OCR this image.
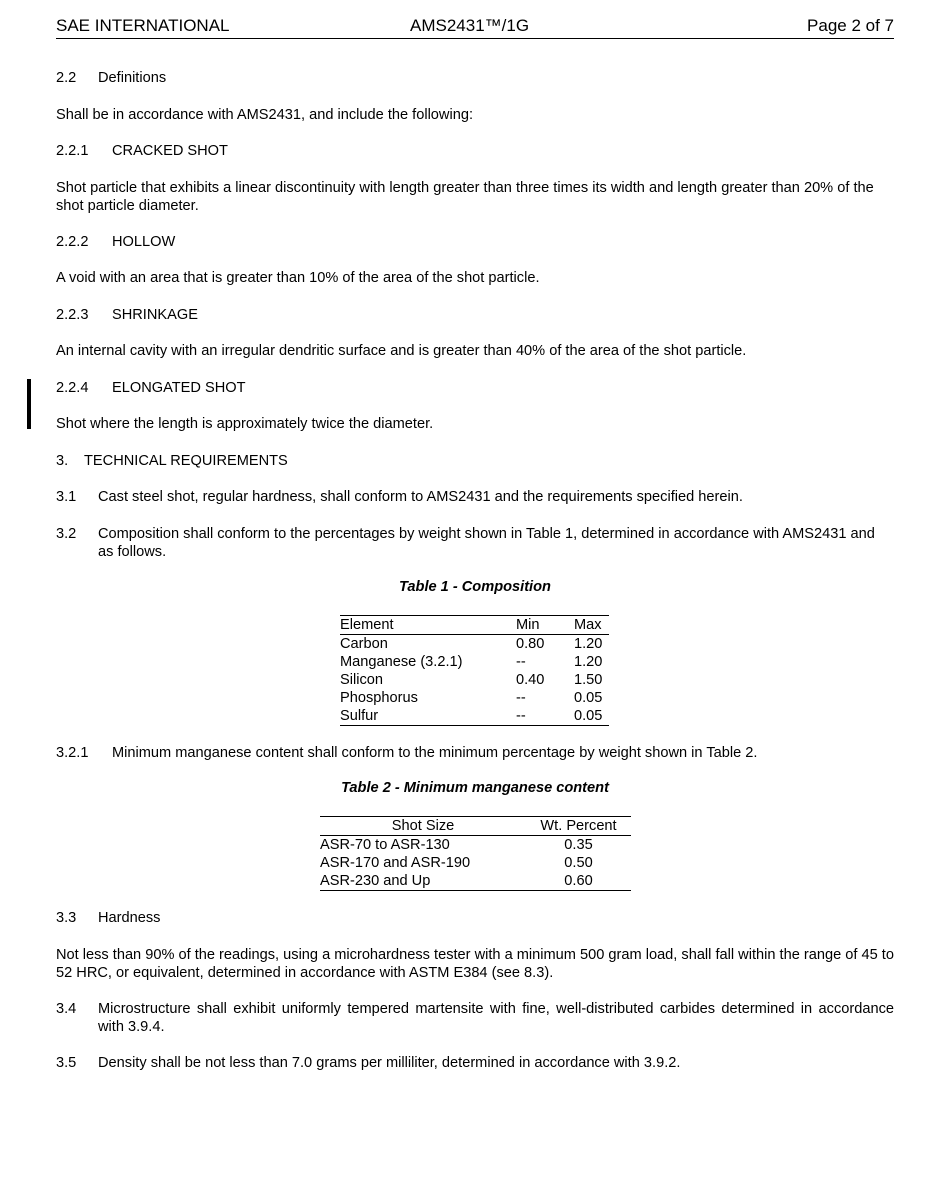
SAE INTERNATIONAL	AMS2431™/1G	Page 2 of 7
2.2 Definitions
Shall be in accordance with AMS2431, and include the following:
2.2.1 CRACKED SHOT
Shot particle that exhibits a linear discontinuity with length greater than three times its width and length greater than 20% of the shot particle diameter.
2.2.2 HOLLOW
A void with an area that is greater than 10% of the area of the shot particle.
2.2.3 SHRINKAGE
An internal cavity with an irregular dendritic surface and is greater than 40% of the area of the shot particle.
2.2.4 ELONGATED SHOT
Shot where the length is approximately twice the diameter.
3. TECHNICAL REQUIREMENTS
3.1 Cast steel shot, regular hardness, shall conform to AMS2431 and the requirements specified herein.
3.2 Composition shall conform to the percentages by weight shown in Table 1, determined in accordance with AMS2431 and as follows.
Table 1 - Composition
Element	Min	Max
Carbon	0.80	1.20
Manganese (3.2.1)	--	1.20
Silicon	0.40	1.50
Phosphorus	--	0.05
Sulfur	--	0.05
3.2.1 Minimum manganese content shall conform to the minimum percentage by weight shown in Table 2.
Table 2 - Minimum manganese content
Shot Size	Wt. Percent
ASR-70 to ASR-130	0.35
ASR-170 and ASR-190	0.50
ASR-230 and Up	0.60
3.3 Hardness
Not less than 90% of the readings, using a microhardness tester with a minimum 500 gram load, shall fall within the range of 45 to 52 HRC, or equivalent, determined in accordance with ASTM E384 (see 8.3).
3.4 Microstructure shall exhibit uniformly tempered martensite with fine, well-distributed carbides determined in accordance with 3.9.4.
3.5 Density shall be not less than 7.0 grams per milliliter, determined in accordance with 3.9.2.
